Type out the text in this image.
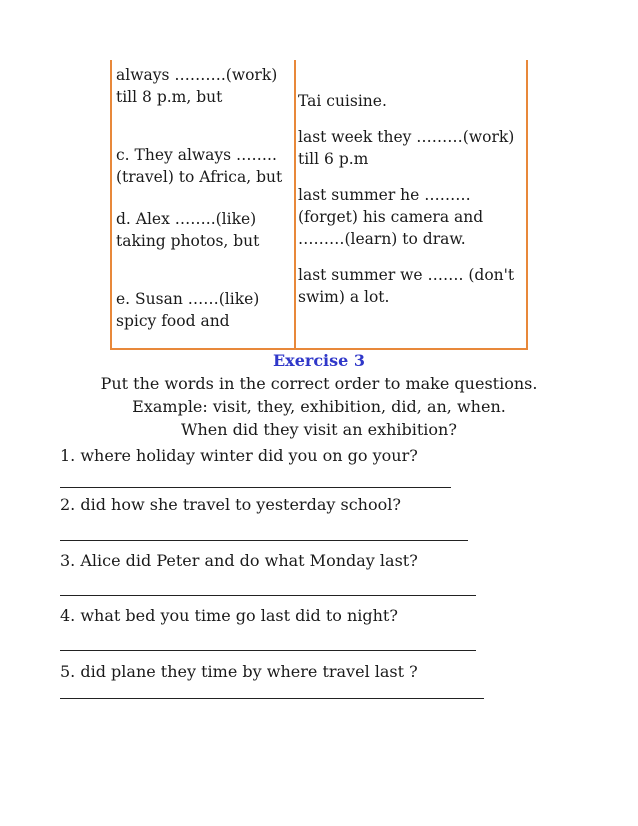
always ……….(work)
till 8 p.m, but
c. They always ……..
(travel) to Africa, but
d. Alex ……..(like)
taking photos, but
e. Susan ……(like)
spicy food and
Tai cuisine.
last week they ………(work)
till 6 p.m
last summer he ………
(forget) his camera and
………(learn) to draw.
last summer we ……. (don't
swim) a lot.
Exercise 3
Put the words in the correct order to make questions.
Example: visit, they, exhibition, did, an, when.
When did they visit an exhibition?
1. where holiday winter did you on go your?
2. did how she travel to yesterday school?
3. Alice did Peter and do what Monday last?
4. what bed you time go last did to night?
5. did plane they time by where travel last ?
